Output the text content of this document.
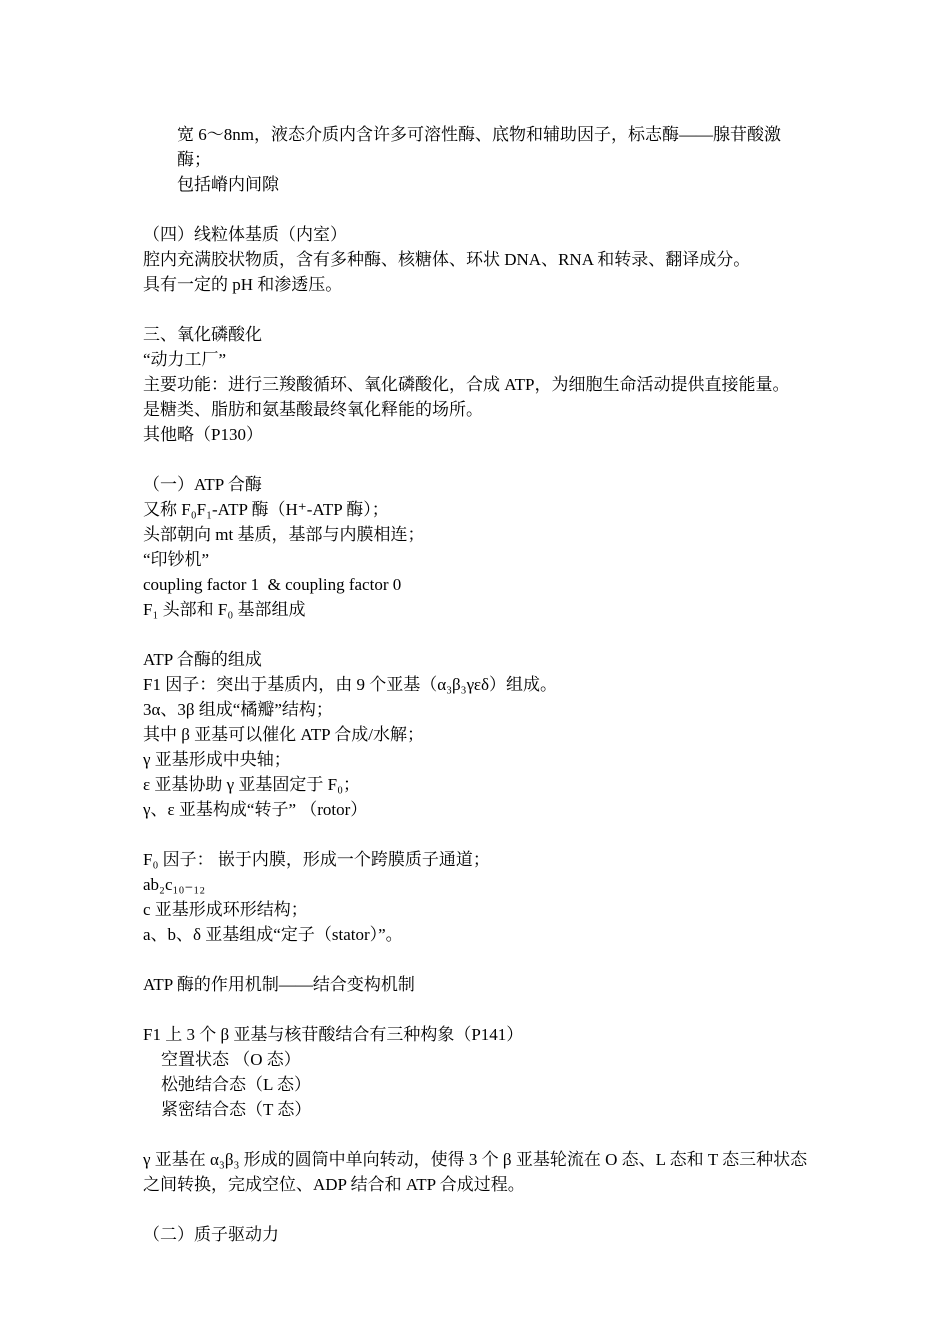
宽 6～8nm，液态介质内含许多可溶性酶、底物和辅助因子，标志酶——腺苷酸激酶；
包括嵴内间隙
（四）线粒体基质（内室）
腔内充满胶状物质，含有多种酶、核糖体、环状 DNA、RNA 和转录、翻译成分。
具有一定的 pH 和渗透压。
三、氧化磷酸化
“动力工厂”
主要功能：进行三羧酸循环、氧化磷酸化，合成 ATP，为细胞生命活动提供直接能量。
是糖类、脂肪和氨基酸最终氧化释能的场所。
其他略（P130）
（一）ATP 合酶
又称 F₀F₁-ATP 酶（H⁺-ATP 酶）；
头部朝向 mt 基质，基部与内膜相连；
“印钞机”
coupling factor 1  & coupling factor 0
F₁ 头部和 F₀ 基部组成
ATP 合酶的组成
F1 因子：突出于基质内，由 9 个亚基（α₃β₃γεδ）组成。
3α、3β 组成“橘瓣”结构；
其中 β 亚基可以催化 ATP 合成/水解；
γ 亚基形成中央轴；
ε 亚基协助 γ 亚基固定于 F₀；
γ、ε 亚基构成“转子” （rotor）
F₀ 因子： 嵌于内膜，形成一个跨膜质子通道；
ab₂c₁₀₋₁₂
c 亚基形成环形结构；
a、b、δ 亚基组成“定子（stator）”。
ATP 酶的作用机制——结合变构机制
F1 上 3 个 β 亚基与核苷酸结合有三种构象（P141）
空置状态 （O 态）
松弛结合态（L 态）
紧密结合态（T 态）
γ 亚基在 α₃β₃ 形成的圆筒中单向转动，使得 3 个 β 亚基轮流在 O 态、L 态和 T 态三种状态之间转换，完成空位、ADP 结合和 ATP 合成过程。
（二）质子驱动力
